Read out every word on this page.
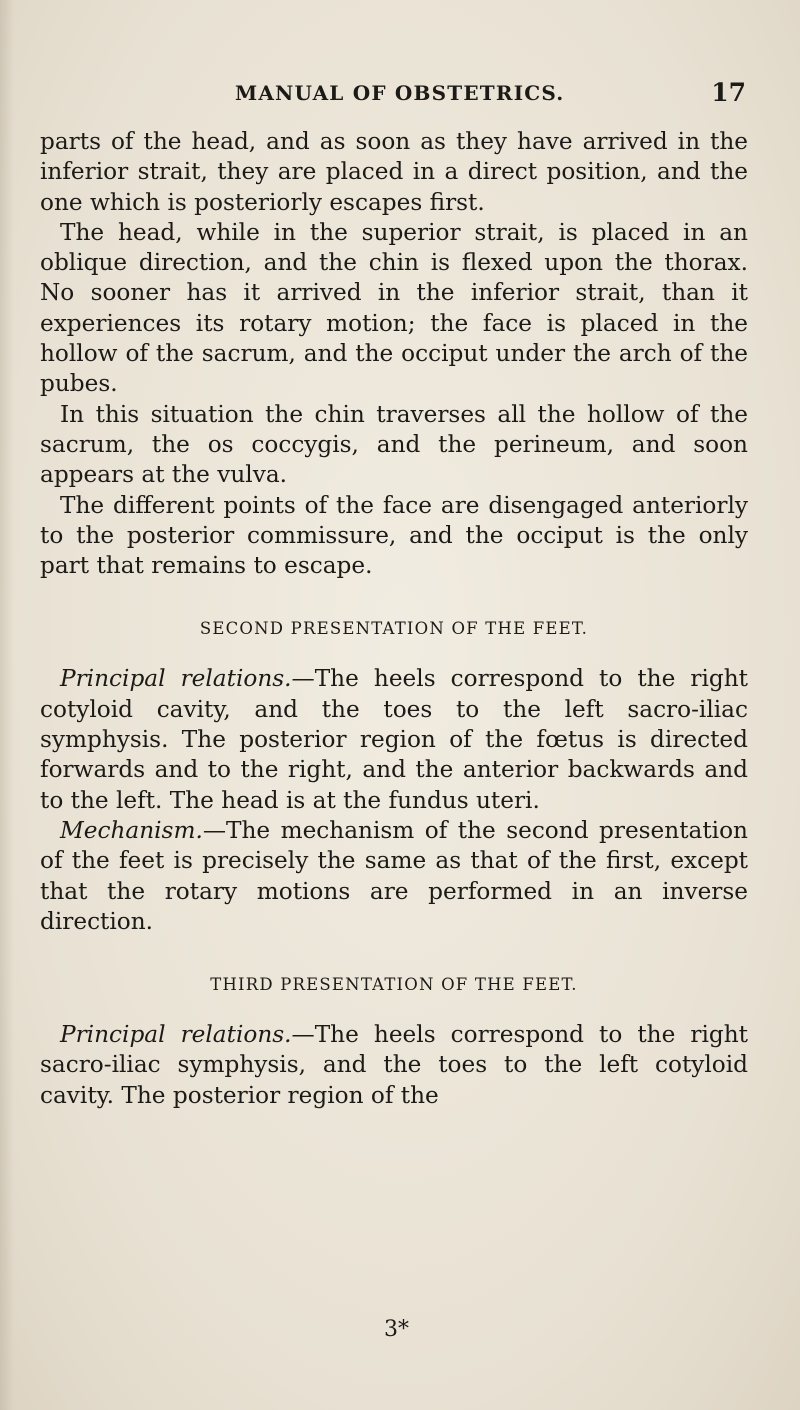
MANUAL OF OBSTETRICS.	17

parts of the head, and as soon as they have arrived in the inferior strait, they are placed in a direct position, and the one which is posteriorly escapes first.

The head, while in the superior strait, is placed in an oblique direction, and the chin is flexed upon the thorax. No sooner has it arrived in the inferior strait, than it experiences its rotary motion; the face is placed in the hollow of the sacrum, and the occiput under the arch of the pubes.

In this situation the chin traverses all the hollow of the sacrum, the os coccygis, and the perineum, and soon appears at the vulva.

The different points of the face are disengaged anteriorly to the posterior commissure, and the occiput is the only part that remains to escape.

SECOND PRESENTATION OF THE FEET.

Principal relations.—The heels correspond to the right cotyloid cavity, and the toes to the left sacro-iliac symphysis. The posterior region of the fœtus is directed forwards and to the right, and the anterior backwards and to the left. The head is at the fundus uteri.

Mechanism.—The mechanism of the second presentation of the feet is precisely the same as that of the first, except that the rotary motions are performed in an inverse direction.

THIRD PRESENTATION OF THE FEET.

Principal relations.—The heels correspond to the right sacro-iliac symphysis, and the toes to the left cotyloid cavity. The posterior region of the

3*
